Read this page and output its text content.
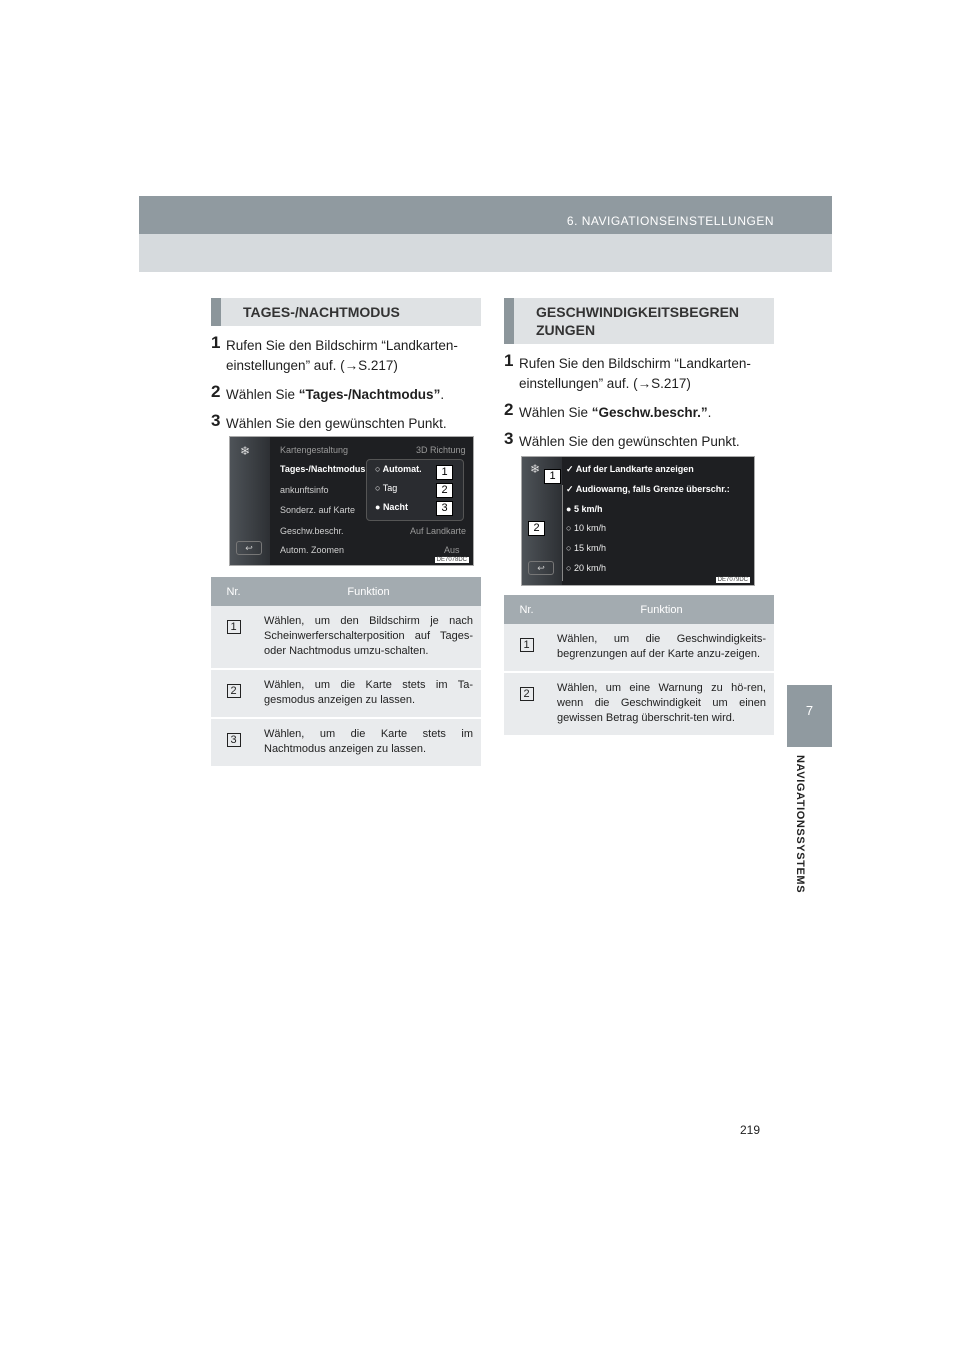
6. NAVIGATIONSEINSTELLUNGEN
7
NAVIGATIONSSYSTEMS
TAGES-/NACHTMODUS
1 Rufen Sie den Bildschirm “Landkarten-einstellungen” auf. (→S.217)
2 Wählen Sie “Tages-/Nachtmodus”.
3 Wählen Sie den gewünschten Punkt.
❄
↩
Kartengestaltung	3D Richtung
Tages-/Nachtmodus
ankunftsinfo
Sonderz. auf Karte
Geschw.beschr.
Autom. Zoomen
○ Automat.
○ Tag
● Nacht
Auf Landkarte
Aus
1
2
3
DE7078DC
Nr.	Funktion
1	Wählen, um den Bildschirm je nach Scheinwerferschalterposition auf Tages- oder Nachtmodus umzu-schalten.
2	Wählen, um die Karte stets im Ta-gesmodus anzeigen zu lassen.
3	Wählen, um die Karte stets im Nachtmodus anzeigen zu lassen.
GESCHWINDIGKEITSBEGREN ZUNGEN
1 Rufen Sie den Bildschirm “Landkarten-einstellungen” auf. (→S.217)
2 Wählen Sie “Geschw.beschr.”.
3 Wählen Sie den gewünschten Punkt.
❄
↩
✓ Auf der Landkarte anzeigen
✓ Audiowarng, falls Grenze überschr.:
● 5 km/h
○ 10 km/h
○ 15 km/h
○ 20 km/h
1
2
DE7079DC
Nr.	Funktion
1	Wählen, um die Geschwindigkeits-begrenzungen auf der Karte anzu-zeigen.
2	Wählen, um eine Warnung zu hö-ren, wenn die Geschwindigkeit um einen gewissen Betrag überschrit-ten wird.
219
